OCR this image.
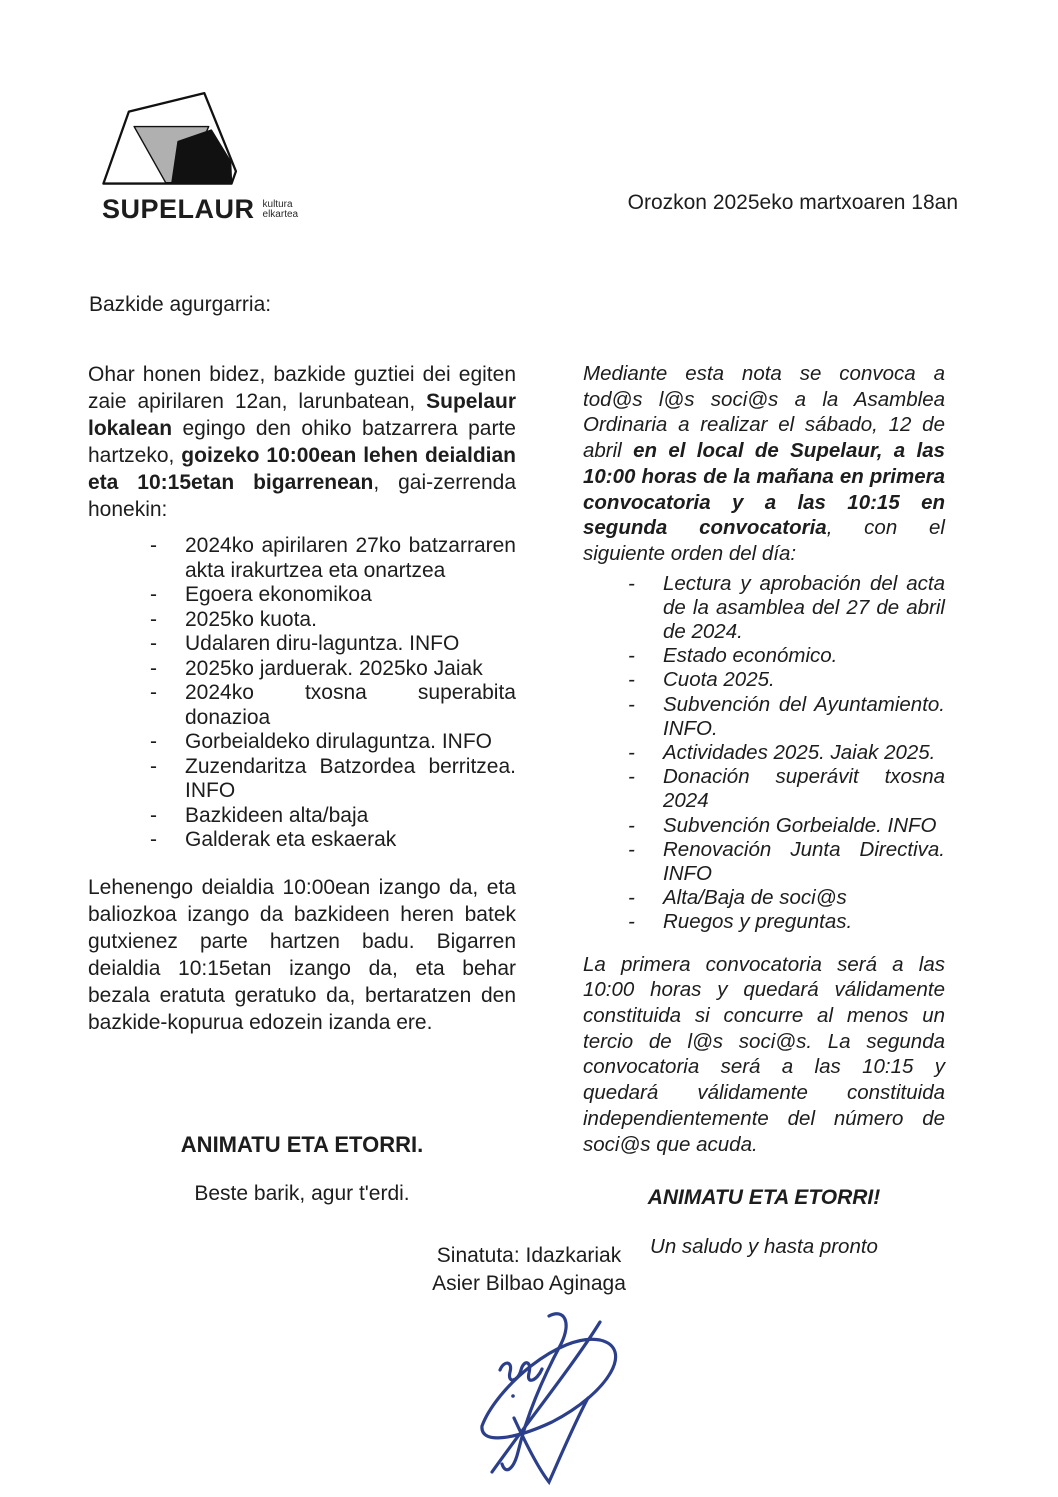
SUPELAUR kultura
elkartea	Orozkon 2025eko martxoaren 18an
Bazkide agurgarria:

Ohar honen bidez, bazkide guztiei dei egiten zaie apirilaren 12an, larunbatean, Supelaur lokalean egingo den ohiko batzarrera parte hartzeko, goizeko 10:00ean lehen deialdian eta 10:15etan bigarrenean, gai-zerrenda honekin:

- 2024ko apirilaren 27ko batzarraren akta irakurtzea eta onartzea
- Egoera ekonomikoa
- 2025ko kuota.
- Udalaren diru-laguntza. INFO
- 2025ko jarduerak. 2025ko Jaiak
- 2024ko txosna superabita donazioa
- Gorbeialdeko dirulaguntza. INFO
- Zuzendaritza Batzordea berritzea. INFO
- Bazkideen alta/baja
- Galderak eta eskaerak

Lehenengo deialdia 10:00ean izango da, eta baliozkoa izango da bazkideen heren batek gutxienez parte hartzen badu. Bigarren deialdia 10:15etan izango da, eta behar bezala eratuta geratuko da, bertaratzen den bazkide-kopurua edozein izanda ere.

ANIMATU ETA ETORRI.
Beste barik, agur t'erdi.

Mediante esta nota se convoca a tod@s l@s soci@s a la Asamblea Ordinaria a realizar el sábado, 12 de abril en el local de Supelaur, a las 10:00 horas de la mañana en primera convocatoria y a las 10:15 en segunda convocatoria, con el siguiente orden del día:

- Lectura y aprobación del acta de la asamblea del 27 de abril de 2024.
- Estado económico.
- Cuota 2025.
- Subvención del Ayuntamiento. INFO.
- Actividades 2025. Jaiak 2025.
- Donación superávit txosna 2024
- Subvención Gorbeialde. INFO
- Renovación Junta Directiva. INFO
- Alta/Baja de soci@s
- Ruegos y preguntas.

La primera convocatoria será a las 10:00 horas y quedará válidamente constituida si concurre al menos un tercio de l@s soci@s. La segunda convocatoria será a las 10:15 y quedará válidamente constituida independientemente del número de soci@s que acuda.

ANIMATU ETA ETORRI!
Un saludo y hasta pronto
Sinatuta: Idazkariak
Asier Bilbao Aginaga
